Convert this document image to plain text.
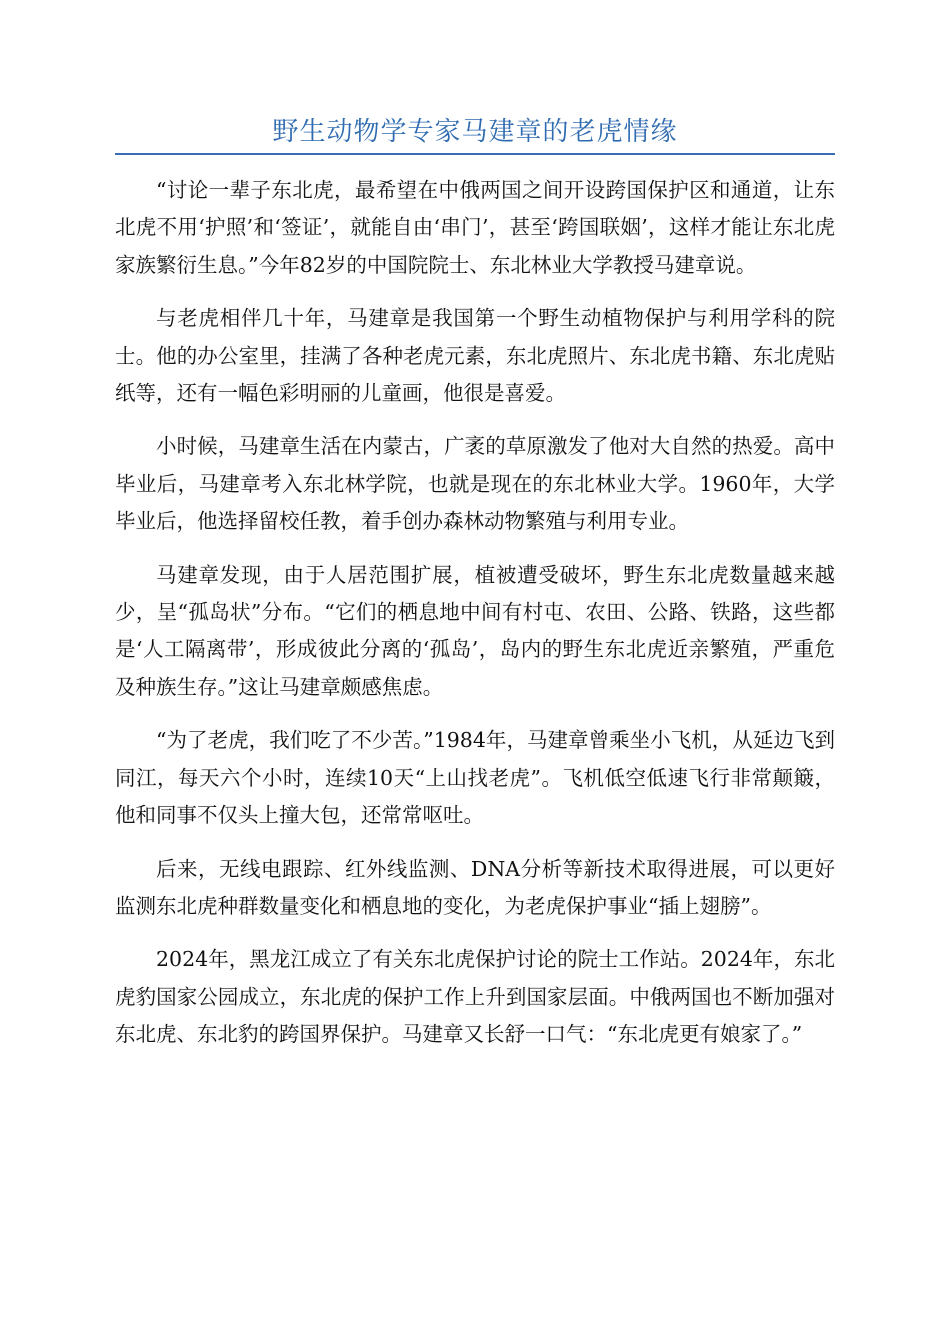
野生动物学专家马建章的老虎情缘

“讨论一辈子东北虎，最希望在中俄两国之间开设跨国保护区和通道，让东北虎不用‘护照’和‘签证’，就能自由‘串门’，甚至‘跨国联姻’，这样才能让东北虎家族繁衍生息。”今年82岁的中国院院士、东北林业大学教授马建章说。

与老虎相伴几十年，马建章是我国第一个野生动植物保护与利用学科的院士。他的办公室里，挂满了各种老虎元素，东北虎照片、东北虎书籍、东北虎贴纸等，还有一幅色彩明丽的儿童画，他很是喜爱。

小时候，马建章生活在内蒙古，广袤的草原激发了他对大自然的热爱。高中毕业后，马建章考入东北林学院，也就是现在的东北林业大学。1960年，大学毕业后，他选择留校任教，着手创办森林动物繁殖与利用专业。

马建章发现，由于人居范围扩展，植被遭受破坏，野生东北虎数量越来越少，呈“孤岛状”分布。“它们的栖息地中间有村屯、农田、公路、铁路，这些都是‘人工隔离带’，形成彼此分离的‘孤岛’，岛内的野生东北虎近亲繁殖，严重危及种族生存。”这让马建章颇感焦虑。

“为了老虎，我们吃了不少苦。”1984年，马建章曾乘坐小飞机，从延边飞到同江，每天六个小时，连续10天“上山找老虎”。飞机低空低速飞行非常颠簸，他和同事不仅头上撞大包，还常常呕吐。

后来，无线电跟踪、红外线监测、DNA分析等新技术取得进展，可以更好监测东北虎种群数量变化和栖息地的变化，为老虎保护事业“插上翅膀”。

2024年，黑龙江成立了有关东北虎保护讨论的院士工作站。2024年，东北虎豹国家公园成立，东北虎的保护工作上升到国家层面。中俄两国也不断加强对东北虎、东北豹的跨国界保护。马建章又长舒一口气：“东北虎更有娘家了。”
